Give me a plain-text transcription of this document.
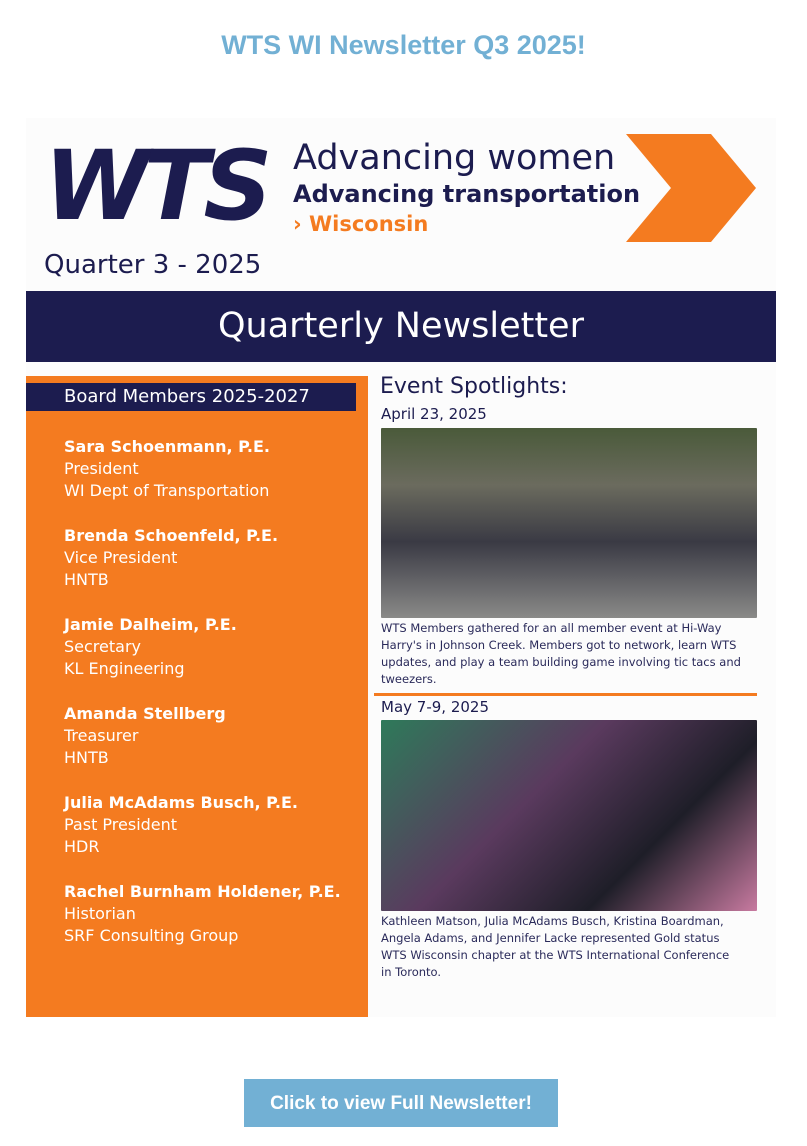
WTS WI Newsletter Q3 2025!
WTS Advancing women
Advancing transportation
› Wisconsin
Quarter 3 - 2025
Quarterly Newsletter
Board Members 2025-2027
Sara Schoenmann, P.E.
President
WI Dept of Transportation
Brenda Schoenfeld, P.E.
Vice President
HNTB
Jamie Dalheim, P.E.
Secretary
KL Engineering
Amanda Stellberg
Treasurer
HNTB
Julia McAdams Busch, P.E.
Past President
HDR
Rachel Burnham Holdener, P.E.
Historian
SRF Consulting Group
Event Spotlights:
April 23, 2025
WTS Members gathered for an all member event at Hi-Way Harry's in Johnson Creek. Members got to network, learn WTS updates, and play a team building game involving tic tacs and tweezers.
May 7-9, 2025
Kathleen Matson, Julia McAdams Busch, Kristina Boardman, Angela Adams, and Jennifer Lacke represented Gold status WTS Wisconsin chapter at the WTS International Conference in Toronto.
Click to view Full Newsletter!
